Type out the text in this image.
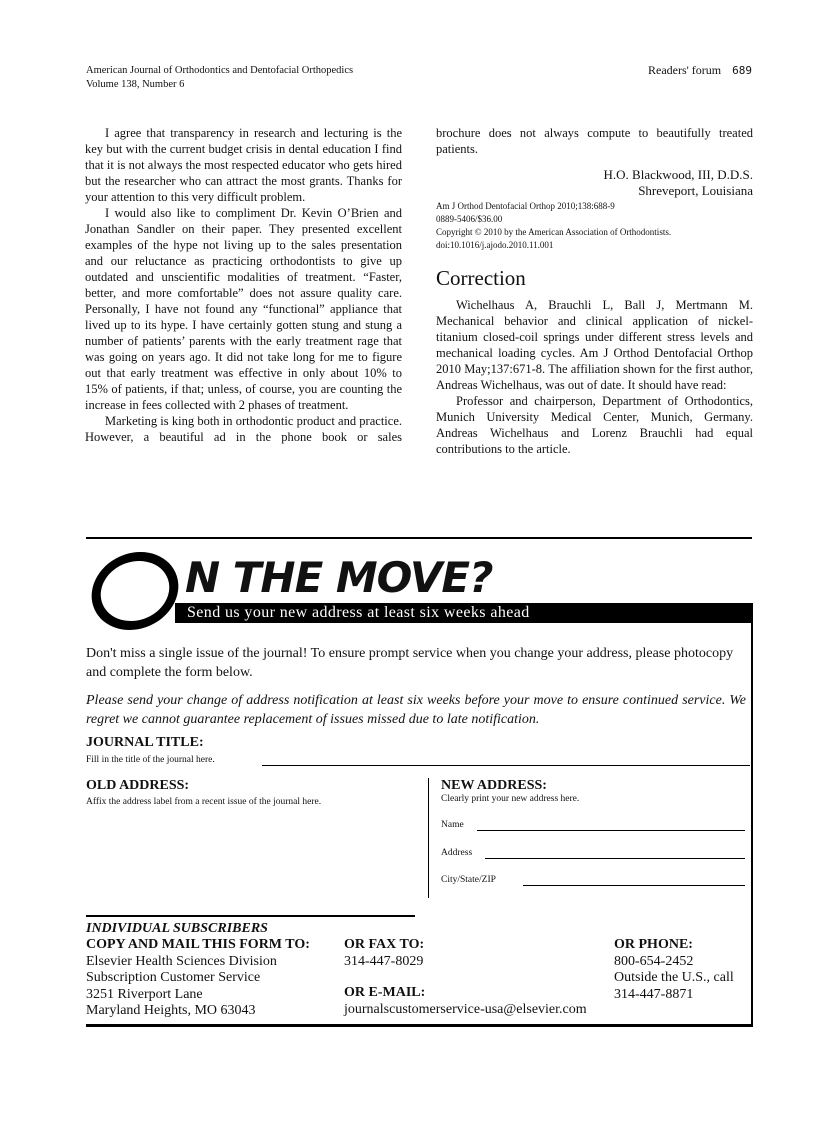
American Journal of Orthodontics and Dentofacial Orthopedics
Volume 138, Number 6
Readers' forum 689

I agree that transparency in research and lecturing is the key but with the current budget crisis in dental education I find that it is not always the most respected educator who gets hired but the researcher who can attract the most grants. Thanks for your attention to this very difficult problem.

I would also like to compliment Dr. Kevin O’Brien and Jonathan Sandler on their paper. They presented excellent examples of the hype not living up to the sales presentation and our reluctance as practicing orthodontists to give up outdated and unscientific modalities of treatment. “Faster, better, and more comfortable” does not assure quality care. Personally, I have not found any “functional” appliance that lived up to its hype. I have certainly gotten stung and stung a number of patients’ parents with the early treatment rage that was going on years ago. It did not take long for me to figure out that early treatment was effective in only about 10% to 15% of patients, if that; unless, of course, you are counting the increase in fees collected with 2 phases of treatment.

Marketing is king both in orthodontic product and practice. However, a beautiful ad in the phone book or sales

brochure does not always compute to beautifully treated patients.

H.O. Blackwood, III, D.D.S.
Shreveport, Louisiana
Am J Orthod Dentofacial Orthop 2010;138:688-9
0889-5406/$36.00
Copyright © 2010 by the American Association of Orthodontists.
doi:10.1016/j.ajodo.2010.11.001
Correction

Wichelhaus A, Brauchli L, Ball J, Mertmann M. Mechanical behavior and clinical application of nickel-titanium closed-coil springs under different stress levels and mechanical loading cycles. Am J Orthod Dentofacial Orthop 2010 May;137:671-8. The affiliation shown for the first author, Andreas Wichelhaus, was out of date. It should have read:

Professor and chairperson, Department of Orthodontics, Munich University Medical Center, Munich, Germany. Andreas Wichelhaus and Lorenz Brauchli had equal contributions to the article.

N THE MOVE?
Send us your new address at least six weeks ahead
Don't miss a single issue of the journal! To ensure prompt service when you change your address, please photocopy and complete the form below.
Please send your change of address notification at least six weeks before your move to ensure continued service. We regret we cannot guarantee replacement of issues missed due to late notification.
JOURNAL TITLE:
Fill in the title of the journal here.
OLD ADDRESS:
Affix the address label from a recent issue of the journal here.
NEW ADDRESS:
Clearly print your new address here.
Name
Address
City/State/ZIP
INDIVIDUAL SUBSCRIBERS
COPY AND MAIL THIS FORM TO:
Elsevier Health Sciences Division
Subscription Customer Service
3251 Riverport Lane
Maryland Heights, MO 63043
OR FAX TO:
314-447-8029
OR E-MAIL:
journalscustomerservice-usa@elsevier.com
OR PHONE:
800-654-2452
Outside the U.S., call
314-447-8871
